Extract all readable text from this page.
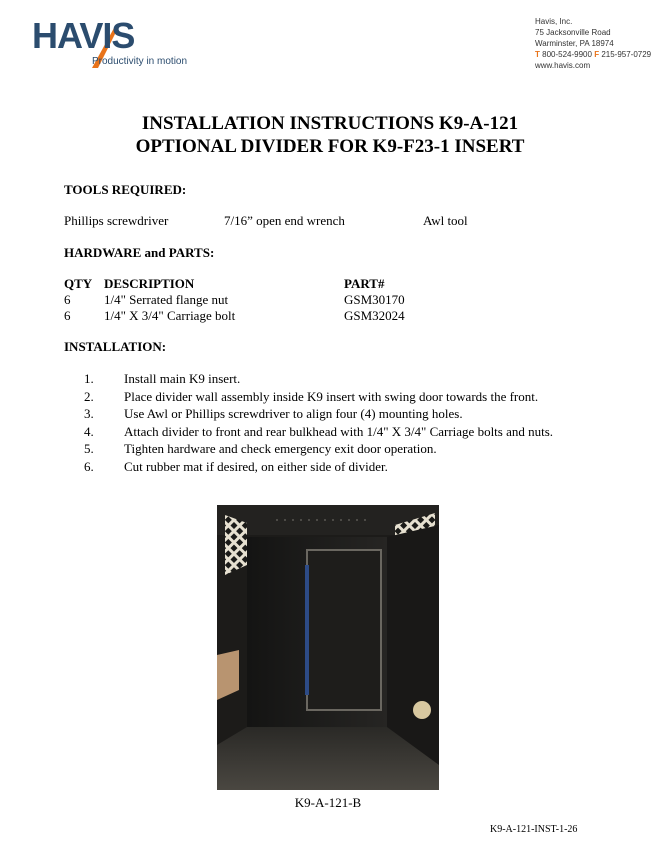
HAVIS
Productivity in motion
Havis, Inc.
75 Jacksonville Road
Warminster, PA 18974
T 800-524-9900 F 215-957-0729
www.havis.com
INSTALLATION INSTRUCTIONS K9-A-121
OPTIONAL DIVIDER FOR K9-F23-1 INSERT
TOOLS REQUIRED:
Phillips screwdriver	7/16” open end wrench	Awl tool
HARDWARE and PARTS:
QTY DESCRIPTION	PART#
6	1/4" Serrated flange nut	GSM30170
6	1/4" X 3/4" Carriage bolt	GSM32024
INSTALLATION:
1. Install main K9 insert.
2. Place divider wall assembly inside K9 insert with swing door towards the front.
3. Use Awl or Phillips screwdriver to align four (4) mounting holes.
4. Attach divider to front and rear bulkhead with 1/4" X 3/4" Carriage bolts and nuts.
5. Tighten hardware and check emergency exit door operation.
6. Cut rubber mat if desired, on either side of divider.
K9-A-121-B
K9-A-121-INST-1-26
